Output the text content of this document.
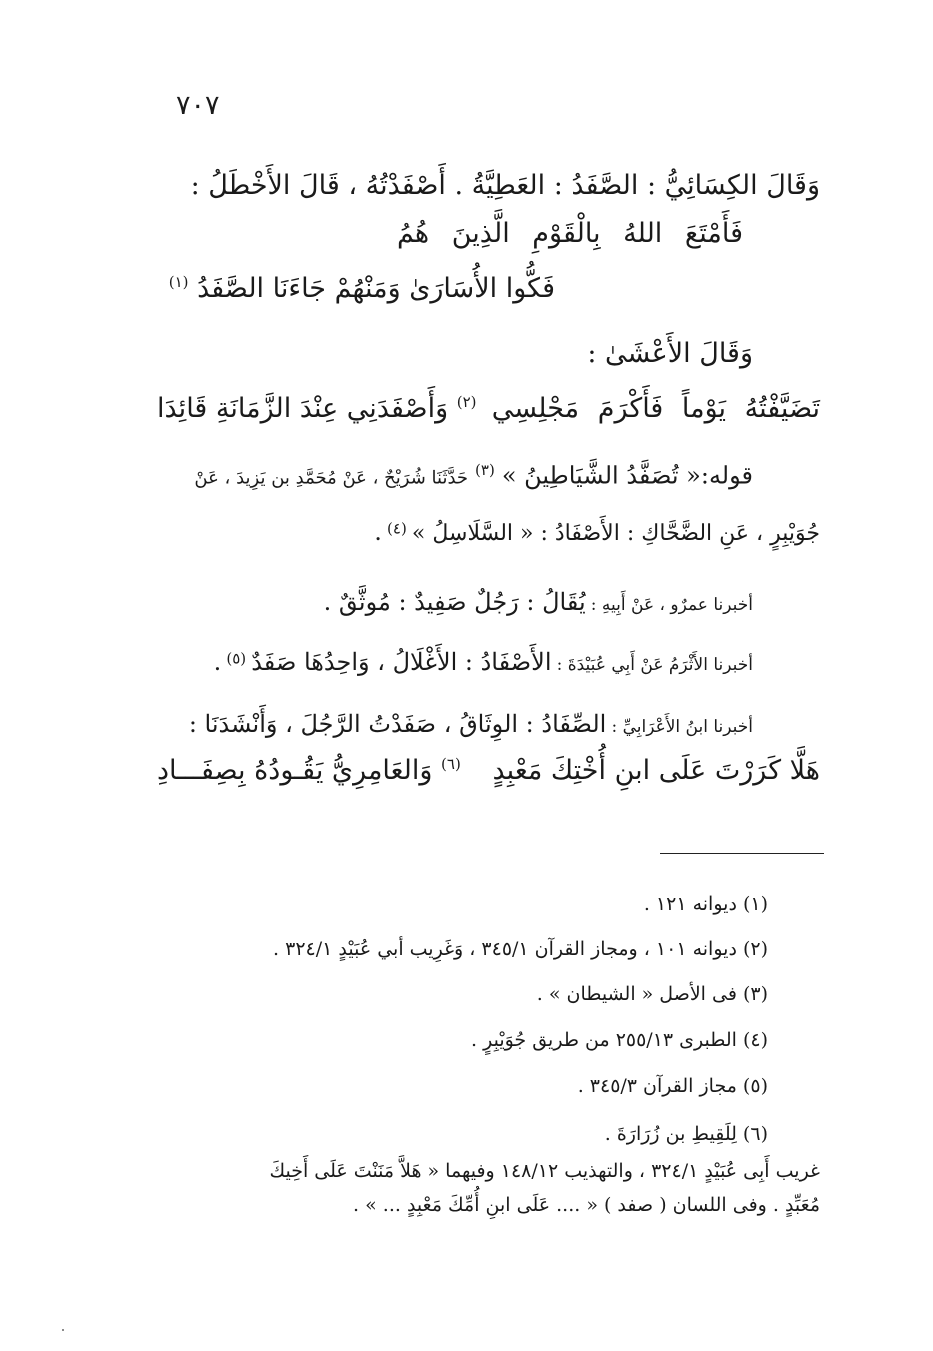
٧٠٧
وَقَالَ الكِسَائِيُّ : الصَّفَدُ : العَطِيَّةُ . أَصْفَدْتُهُ ، قَالَ الأَخْطَلُ :
فَأَمْتَعَ اللهُ بِالْقَوْمِ الَّذِينَ هُمُ
فَكُّوا الأُسَارَىٰ وَمَنْهُمْ جَاءَنَا الصَّفَدُ $^{(١)}$
وَقَالَ الأَعْشَىٰ :
تَضَيَّفْتُهُ يَوْماً فَأَكْرَمَ مَجْلِسِي
$^{(٢)}$ وَأَصْفَدَنِي عِنْدَ الزَّمَانَةِ قَائِدَا
قوله:« تُصَفَّدُ الشَّيَاطِينُ » $^{(٣)}$ حَدَّثَنَا شُرَيْحٌ ، عَنْ مُحَمَّدِ بن يَزِيدَ ، عَنْ
جُوَيْبِرٍ ، عَنِ الضَّحَّاكِ : الأَصْفَادُ : « السَّلَاسِلُ » (٤) .
أخبرنا عمرٌو ، عَنْ أَبِيهِ : يُقَالُ : رَجُلٌ صَفِيدٌ : مُوثَّقٌ .
أخبرنا الأَثْرَمُ عَنْ أَبِي عُبَيْدَةَ : الأَصْفَادُ : الأَغْلَالُ ، وَاحِدُهَا صَفَدٌ (٥) .
أخبرنا ابنُ الأَعْرَابِيِّ : الصِّفَادُ : الوِثَاقُ ، صَفَدْتُ الرَّجُلَ ، وَأَنْشَدَنَا :
هَلَّا كَرَرْتَ عَلَى ابنِ أُخْتِكَ مَعْبِدٍ
$^{(٦)}$ وَالعَامِرِيُّ يَقُـودُهُ بِصِفَـــادِ
(١) ديوانه ١٢١ .
(٢) ديوانه ١٠١ ، ومجاز القرآن ٣٤٥/١ ، وَغَرِيب أبي عُبَيْدٍ ٣٢٤/١ .
(٣) فى الأصل « الشيطان » .
(٤) الطبرى ٢٥٥/١٣ من طريق جُوَيْبِرٍ .
(٥) مجاز القرآن ٣٤٥/٣ .
(٦) لِلَقِيطِ بن زُرَارَةَ .
غريب أَبِى عُبَيْدٍ ٣٢٤/١ ، والتهذيب ١٤٨/١٢ وفيهما « هَلاَّ مَنَنْتَ عَلَى أَخِيكَ
مُعَبِّدٍ . وفى اللسان ( صفد ) « .... عَلَى ابنِ أُمِّكَ مَعْبِدٍ ... » .
